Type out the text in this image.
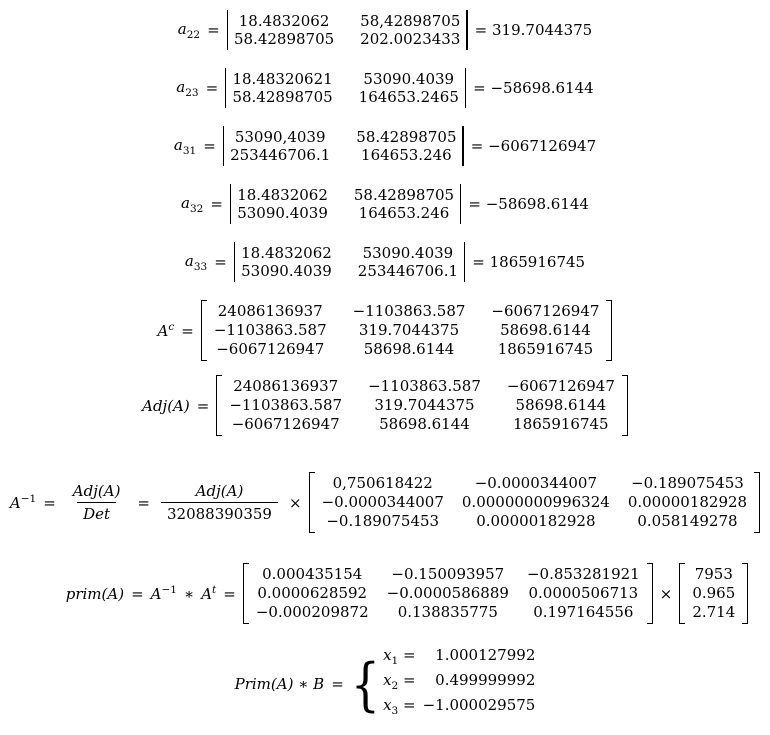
$a_{22}$ =	18.4832062	58,42898705
58.42898705 202.0023433 = 319.7044375
$a_{23} = 18.48320621$	53090.4039
58.42898705 164653.2465 = −58698.6144
$a_{31}$ =	53090,4039	58.42898705
253446706.1	164653.246	= −6067126947
$a_{32} = 18.4832062$ 58.42898705
53090.4039	164653.246	= −58698.6144
$a_{33} = 18.4832062$	53090.4039
53090.4039 253446706.1 = 1865916745
$A^c$ =
24086136937 −1103863.587 −6067126947
−1103863.587	319.7044375	58698.6144
−6067126947	58698.6144	1865916745
Adj(A) =
24086136937 −1103863.587 −6067126947
−1103863.587	319.7044375	58698.6144
−6067126947	58698.6144	1865916745
$A^{-1} = \frac{\text{Adj(A)}}{\text{Det}} = \frac{\text{Adj(A)}}{32088390359}$ ×
0,750618422	−0.0000344007	−0.189075453
−0.0000344007 0.00000000996324 0.00000182928
−0.189075453	0.00000182928	0.058149278
prim(A) = $A^{-1}$ ∗ $A^t$ =
0.000435154	−0.150093957	−0.853281921
0.0000628592 −0.0000586889 0.0000506713
−0.000209872	0.138835775	0.197164556
×
7953
0.965
2.714
Prim(A) ∗ B = { $x_1$ =	1.000127992
$x_2$ =	0.499999992
$x_3 = -1.000029575$
